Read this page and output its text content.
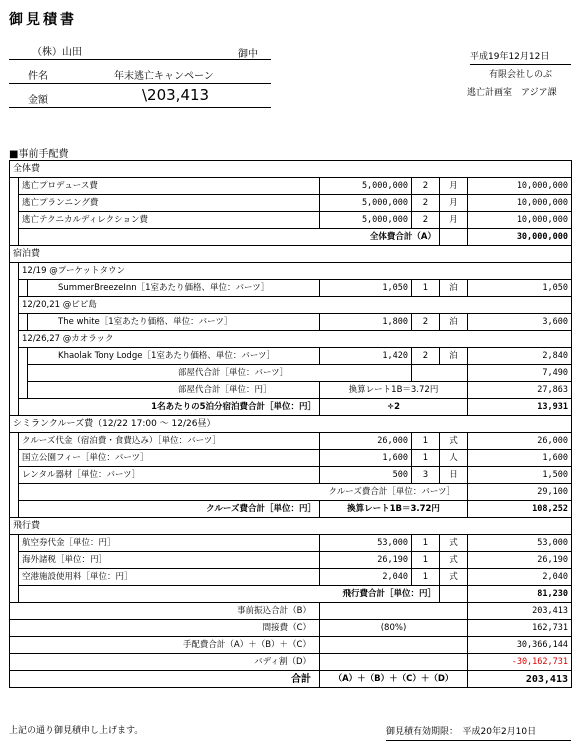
御見積書
（株）山田	御中
件名	年末逃亡キャンペーン
金額	\203,413
平成19年12月12日
有限会社しのぶ
逃亡計画室　アジア課
■事前手配費
全体費						
	逃亡プロデュース費		5,000,000	2	月	10,000,000
	逃亡プランニング費		5,000,000	2	月	10,000,000
	逃亡テクニカルディレクション費		5,000,000	2	月	10,000,000
	全体費合計（A）					30,000,000
宿泊費						
	12/19 @プーケットタウン					
		SummerBreezeInn［1室あたり価格、単位：バーツ］	1,050	1	泊	1,050
	12/20,21 @ピピ島					
		The white［1室あたり価格、単位：バーツ］	1,800	2	泊	3,600
	12/26,27 @カオラック					
		Khaolak Tony Lodge［1室あたり価格、単位：バーツ］	1,420	2	泊	2,840
		部屋代合計［単位：バーツ］				7,490
		部屋代合計［単位：円］	換算レート1B＝3.72円			27,863
	1名あたりの5泊分宿泊費合計［単位：円］		÷2			13,931
シミランクルーズ費（12/22 17:00 ～ 12/26昼）						
	クルーズ代金（宿泊費・食費込み）［単位：バーツ］		26,000	1	式	26,000
	国立公園フィー［単位：バーツ］		1,600	1	人	1,600
	レンタル器材［単位：バーツ］		500	3	日	1,500
	クルーズ費合計［単位：バーツ］					29,100
	クルーズ費合計［単位：円］		換算レート1B＝3.72円			108,252
飛行費						
	航空券代金［単位：円］		53,000	1	式	53,000
	海外諸税［単位：円］		26,190	1	式	26,190
	空港施設使用料［単位：円］		2,040	1	式	2,040
	飛行費合計［単位：円］					81,230
事前振込合計（B）						203,413
間接費（C）			(80%)			162,731
手配費合計（A）＋（B）＋（C）						30,366,144
バディ割（D）						-30,162,731
合計			（A）＋（B）＋（C）＋（D）			203,413
上記の通り御見積申し上げます。	御見積有効期限：　平成20年2月10日
